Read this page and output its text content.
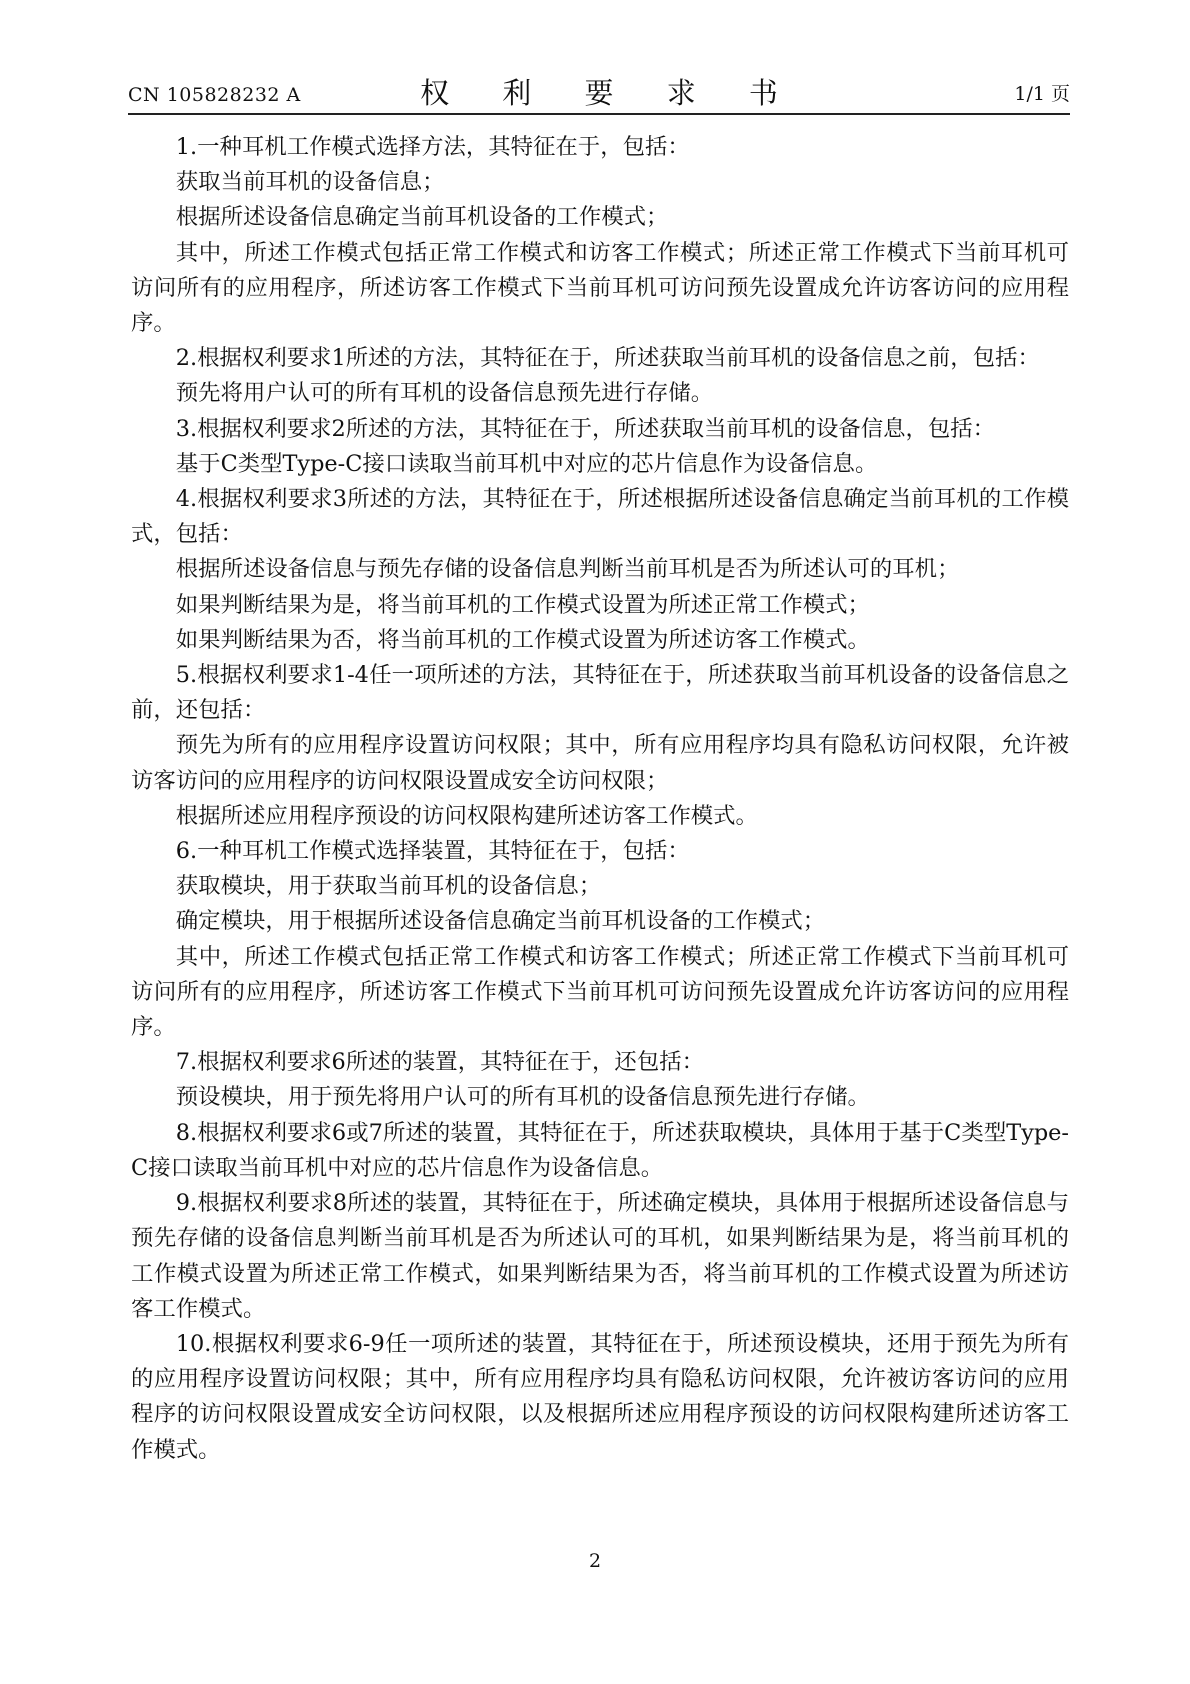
CN 105828232 A	权 利 要 求 书	1/1 页

1.一种耳机工作模式选择方法，其特征在于，包括：

获取当前耳机的设备信息；

根据所述设备信息确定当前耳机设备的工作模式；

其中，所述工作模式包括正常工作模式和访客工作模式；所述正常工作模式下当前耳机可访问所有的应用程序，所述访客工作模式下当前耳机可访问预先设置成允许访客访问的应用程序。

2.根据权利要求1所述的方法，其特征在于，所述获取当前耳机的设备信息之前，包括：

预先将用户认可的所有耳机的设备信息预先进行存储。

3.根据权利要求2所述的方法，其特征在于，所述获取当前耳机的设备信息，包括：

基于C类型Type-C接口读取当前耳机中对应的芯片信息作为设备信息。

4.根据权利要求3所述的方法，其特征在于，所述根据所述设备信息确定当前耳机的工作模式，包括：

根据所述设备信息与预先存储的设备信息判断当前耳机是否为所述认可的耳机；

如果判断结果为是，将当前耳机的工作模式设置为所述正常工作模式；

如果判断结果为否，将当前耳机的工作模式设置为所述访客工作模式。

5.根据权利要求1-4任一项所述的方法，其特征在于，所述获取当前耳机设备的设备信息之前，还包括：

预先为所有的应用程序设置访问权限；其中，所有应用程序均具有隐私访问权限，允许被访客访问的应用程序的访问权限设置成安全访问权限；

根据所述应用程序预设的访问权限构建所述访客工作模式。

6.一种耳机工作模式选择装置，其特征在于，包括：

获取模块，用于获取当前耳机的设备信息；

确定模块，用于根据所述设备信息确定当前耳机设备的工作模式；

其中，所述工作模式包括正常工作模式和访客工作模式；所述正常工作模式下当前耳机可访问所有的应用程序，所述访客工作模式下当前耳机可访问预先设置成允许访客访问的应用程序。

7.根据权利要求6所述的装置，其特征在于，还包括：

预设模块，用于预先将用户认可的所有耳机的设备信息预先进行存储。

8.根据权利要求6或7所述的装置，其特征在于，所述获取模块，具体用于基于C类型Type-C接口读取当前耳机中对应的芯片信息作为设备信息。

9.根据权利要求8所述的装置，其特征在于，所述确定模块，具体用于根据所述设备信息与预先存储的设备信息判断当前耳机是否为所述认可的耳机，如果判断结果为是，将当前耳机的工作模式设置为所述正常工作模式，如果判断结果为否，将当前耳机的工作模式设置为所述访客工作模式。

10.根据权利要求6-9任一项所述的装置，其特征在于，所述预设模块，还用于预先为所有的应用程序设置访问权限；其中，所有应用程序均具有隐私访问权限，允许被访客访问的应用程序的访问权限设置成安全访问权限，以及根据所述应用程序预设的访问权限构建所述访客工作模式。

2
